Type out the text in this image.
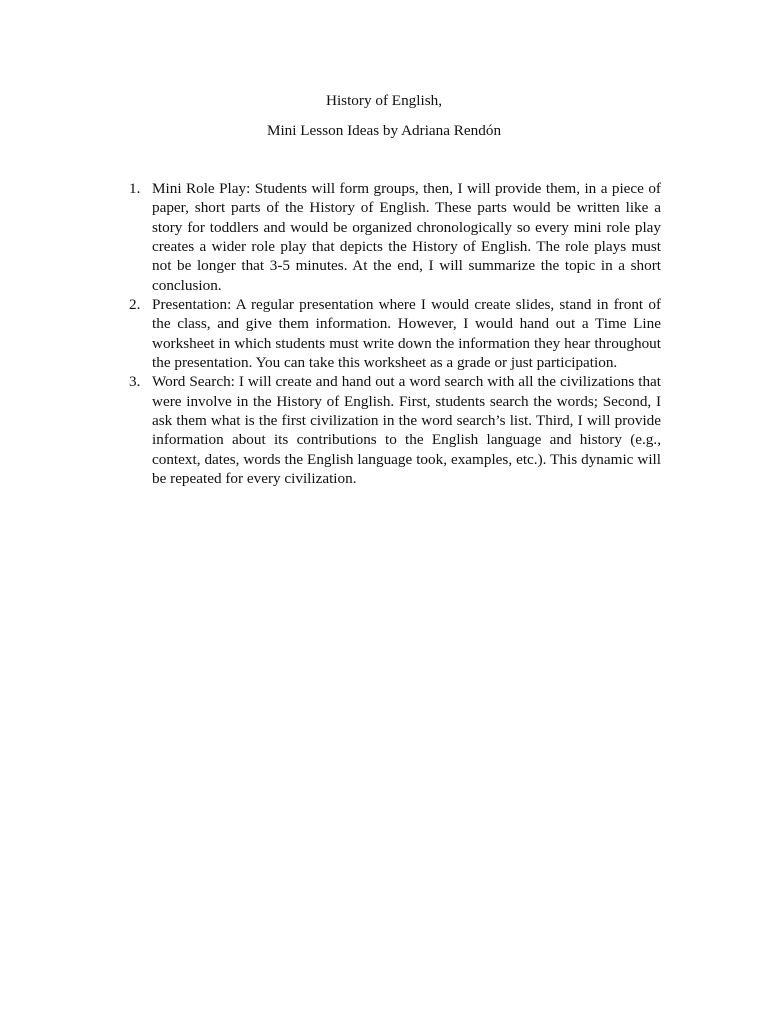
History of English,

Mini Lesson Ideas by Adriana Rendón

1. Mini Role Play: Students will form groups, then, I will provide them, in a piece of paper, short parts of the History of English. These parts would be written like a story for toddlers and would be organized chronologically so every mini role play creates a wider role play that depicts the History of English. The role plays must not be longer that 3-5 minutes. At the end, I will summarize the topic in a short conclusion.
2. Presentation: A regular presentation where I would create slides, stand in front of the class, and give them information. However, I would hand out a Time Line worksheet in which students must write down the information they hear throughout the presentation. You can take this worksheet as a grade or just participation.
3. Word Search: I will create and hand out a word search with all the civilizations that were involve in the History of English. First, students search the words; Second, I ask them what is the first civilization in the word search’s list. Third, I will provide information about its contributions to the English language and history (e.g., context, dates, words the English language took, examples, etc.). This dynamic will be repeated for every civilization.
